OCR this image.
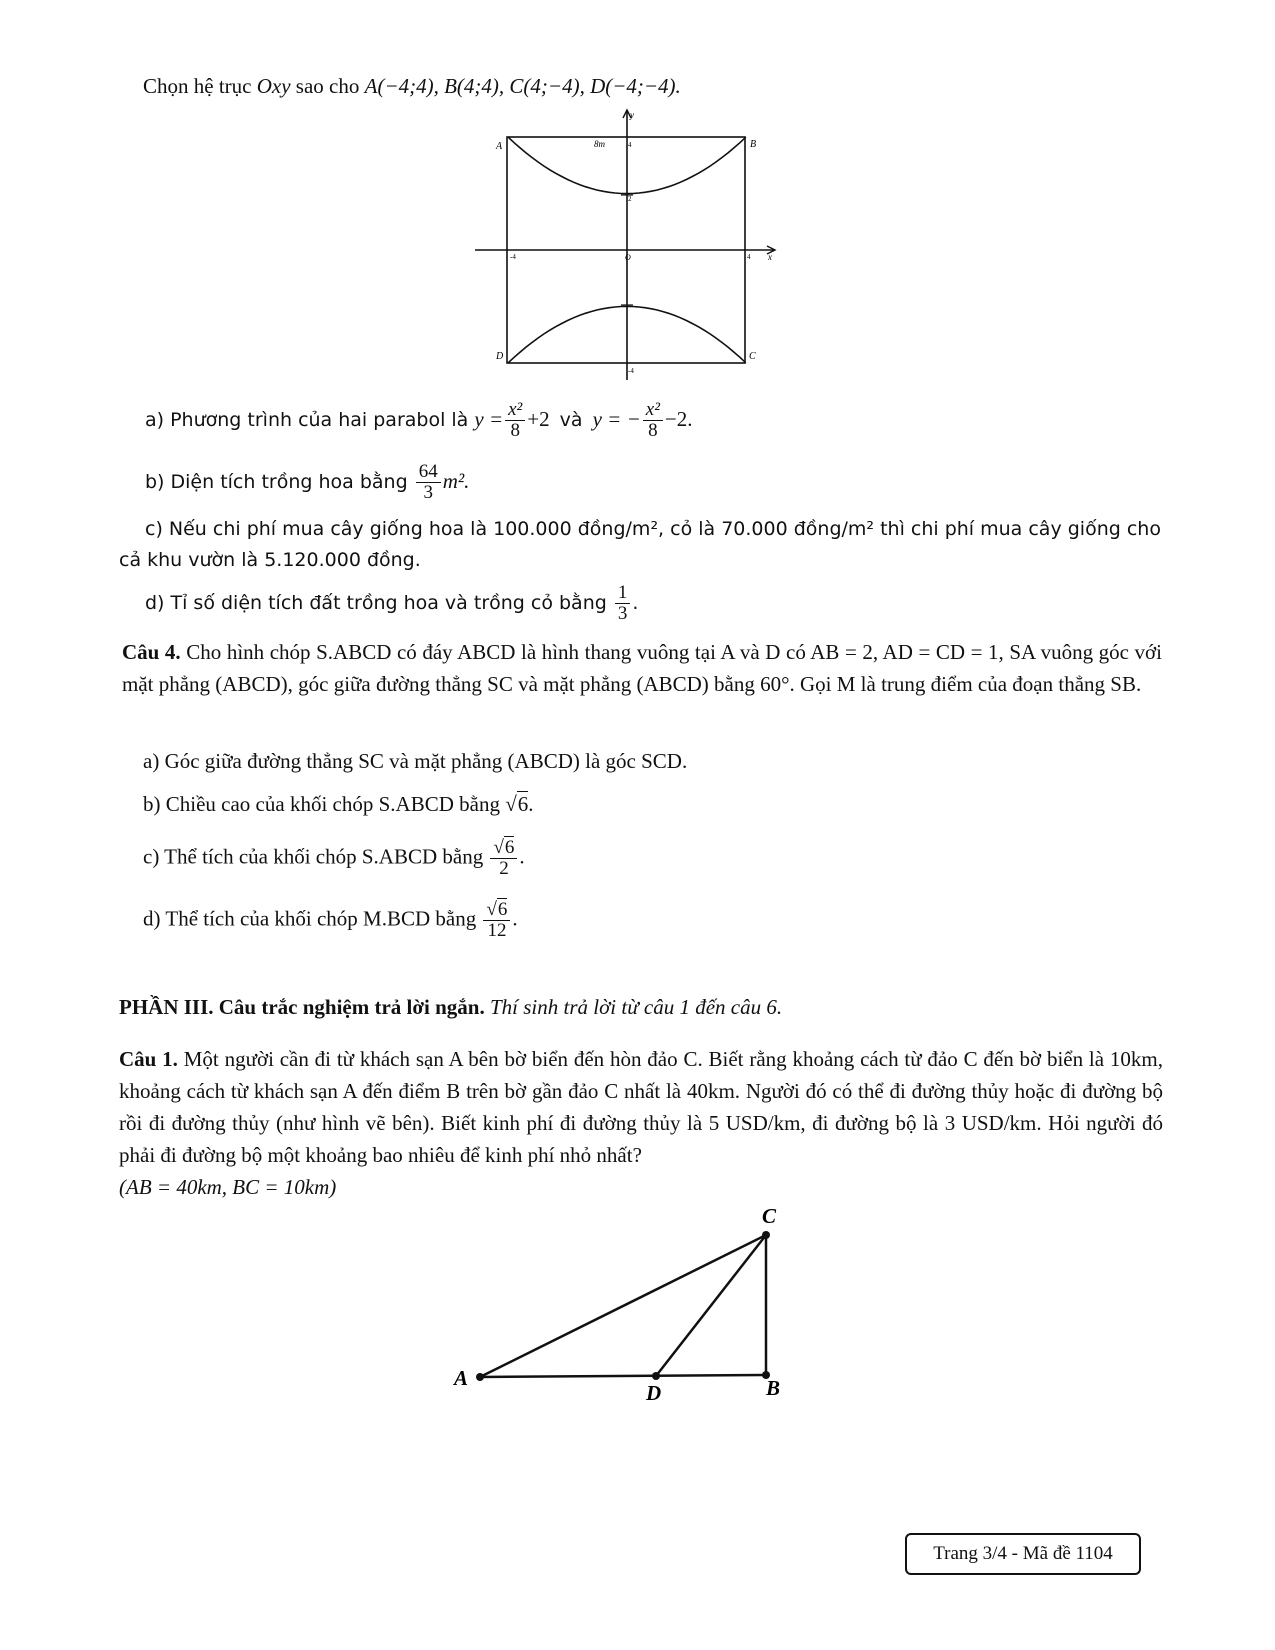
Chọn hệ trục Oxy sao cho A(−4;4), B(4;4), C(4;−4), D(−4;−4).
A	B
C
D
8m
y
x
O
4
2
-4	4
-4
a) Phương trình của hai parabol là $y = \frac{\text{x²}}{8} +2$ và y = − $\frac{\text{x²}}{8} -2$.
b) Diện tích trồng hoa bằng $\frac{64}{3} m^2$.
c) Nếu chi phí mua cây giống hoa là 100.000 đồng/m², cỏ là 70.000 đồng/m² thì chi phí mua cây giống cho
cả khu vườn là 5.120.000 đồng.
d) Tỉ số diện tích đất trồng hoa và trồng cỏ bằng $\frac{1}{3}$ .
Câu 4. Cho hình chóp S.ABCD có đáy ABCD là hình thang vuông tại A và D có AB = 2, AD = CD = 1, SA vuông góc với mặt phẳng (ABCD), góc giữa đường thẳng SC và mặt phẳng (ABCD) bằng 60°. Gọi M là trung điểm của đoạn thẳng SB.
a) Góc giữa đường thẳng SC và mặt phẳng (ABCD) là góc SCD.
b) Chiều cao của khối chóp S.ABCD bằng √6.
c) Thể tích của khối chóp S.ABCD bằng $\frac{√6}{2}$ .
d) Thể tích của khối chóp M.BCD bằng $\frac{√6}{12}$ .
PHẦN III. Câu trắc nghiệm trả lời ngắn. Thí sinh trả lời từ câu 1 đến câu 6.
Câu 1. Một người cần đi từ khách sạn A bên bờ biển đến hòn đảo C. Biết rằng khoảng cách từ đảo C đến bờ biển là 10km, khoảng cách từ khách sạn A đến điểm B trên bờ gần đảo C nhất là 40km. Người đó có thể đi đường thủy hoặc đi đường bộ rồi đi đường thủy (như hình vẽ bên). Biết kinh phí đi đường thủy là 5 USD/km, đi đường bộ là 3 USD/km. Hỏi người đó phải đi đường bộ một khoảng bao nhiêu để kinh phí nhỏ nhất?
(AB = 40km, BC = 10km)
A
D	B
C
Trang 3/4 - Mã đề 1104
